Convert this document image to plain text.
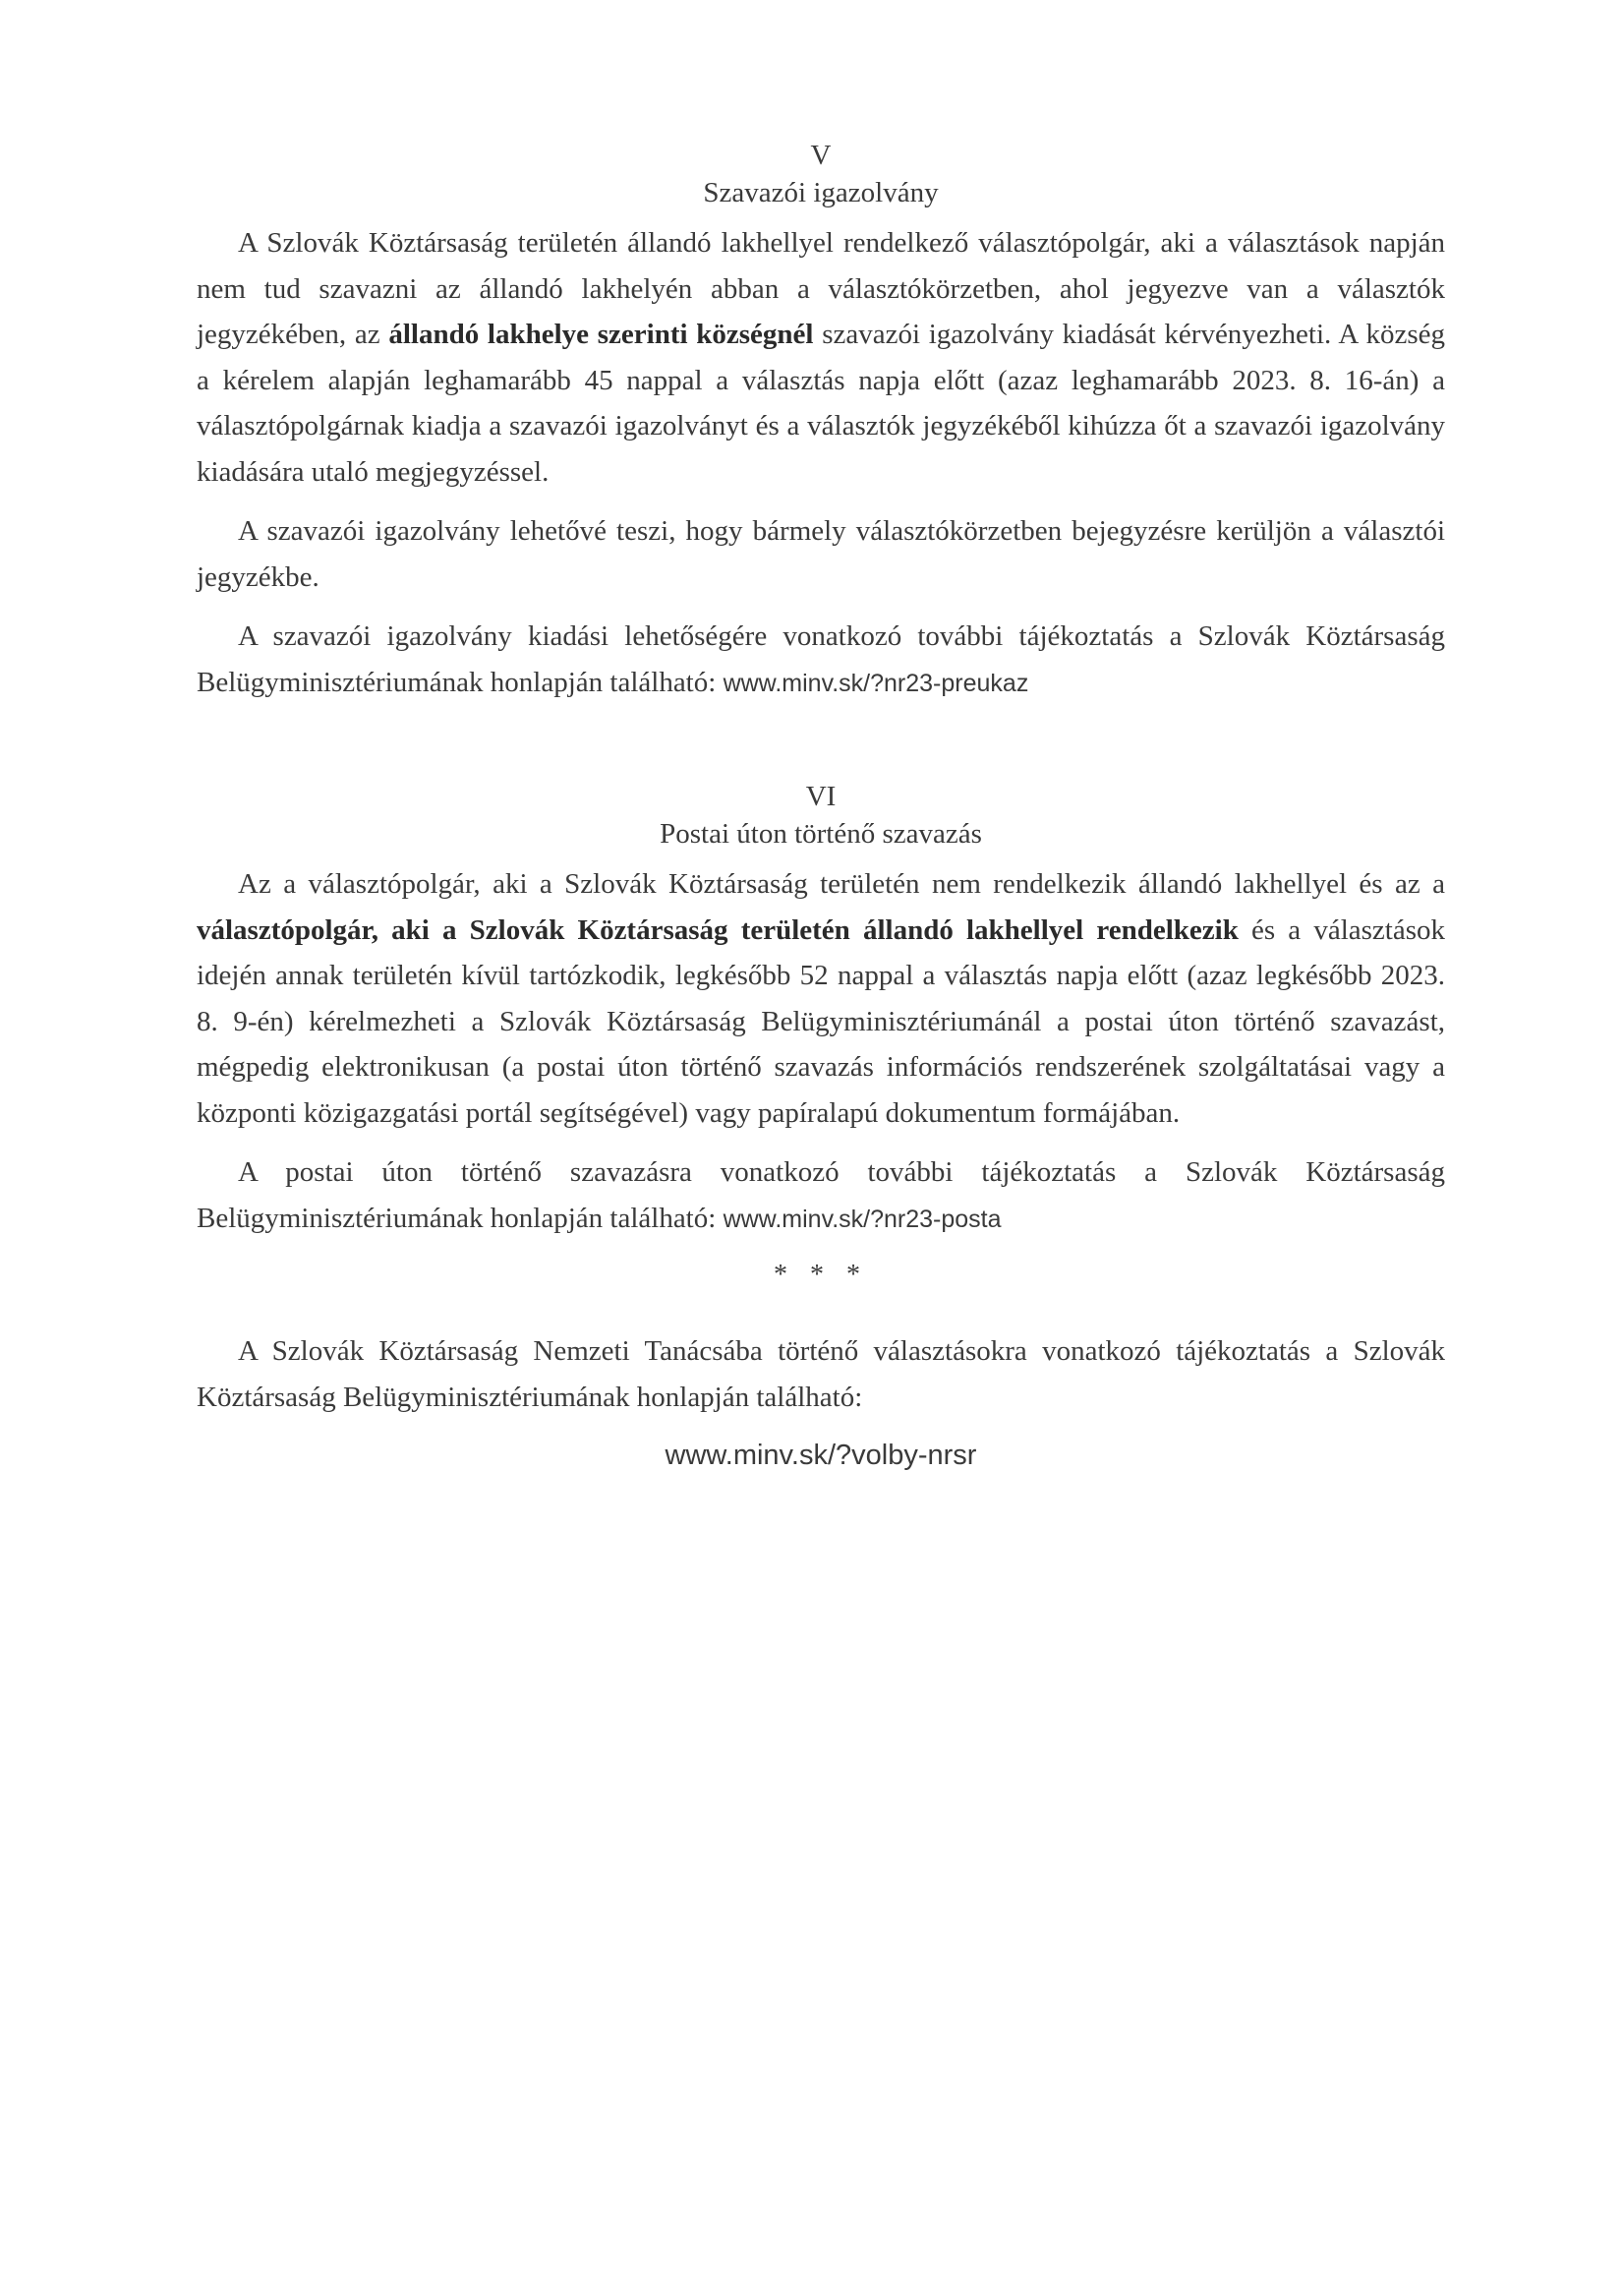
V
Szavazói igazolvány

A Szlovák Köztársaság területén állandó lakhellyel rendelkező választópolgár, aki a választások napján nem tud szavazni az állandó lakhelyén abban a választókörzetben, ahol jegyezve van a választók jegyzékében, az állandó lakhelye szerinti községnél szavazói igazolvány kiadását kérvényezheti. A község a kérelem alapján leghamarább 45 nappal a választás napja előtt (azaz leghamarább 2023. 8. 16-án) a választópolgárnak kiadja a szavazói igazolványt és a választók jegyzékéből kihúzza őt a szavazói igazolvány kiadására utaló megjegyzéssel.

A szavazói igazolvány lehetővé teszi, hogy bármely választókörzetben bejegyzésre kerüljön a választói jegyzékbe.

A szavazói igazolvány kiadási lehetőségére vonatkozó további tájékoztatás a Szlovák Köztársaság Belügyminisztériumának honlapján található: www.minv.sk/?nr23-preukaz

VI
Postai úton történő szavazás

Az a választópolgár, aki a Szlovák Köztársaság területén nem rendelkezik állandó lakhellyel és az a választópolgár, aki a Szlovák Köztársaság területén állandó lakhellyel rendelkezik és a választások idején annak területén kívül tartózkodik, legkésőbb 52 nappal a választás napja előtt (azaz legkésőbb 2023. 8. 9-én) kérelmezheti a Szlovák Köztársaság Belügyminisztériumánál a postai úton történő szavazást, mégpedig elektronikusan (a postai úton történő szavazás információs rendszerének szolgáltatásai vagy a központi közigazgatási portál segítségével) vagy papíralapú dokumentum formájában.

A postai úton történő szavazásra vonatkozó további tájékoztatás a Szlovák Köztársaság Belügyminisztériumának honlapján található: www.minv.sk/?nr23-posta

* * *

A Szlovák Köztársaság Nemzeti Tanácsába történő választásokra vonatkozó tájékoztatás a Szlovák Köztársaság Belügyminisztériumának honlapján található:

www.minv.sk/?volby-nrsr
